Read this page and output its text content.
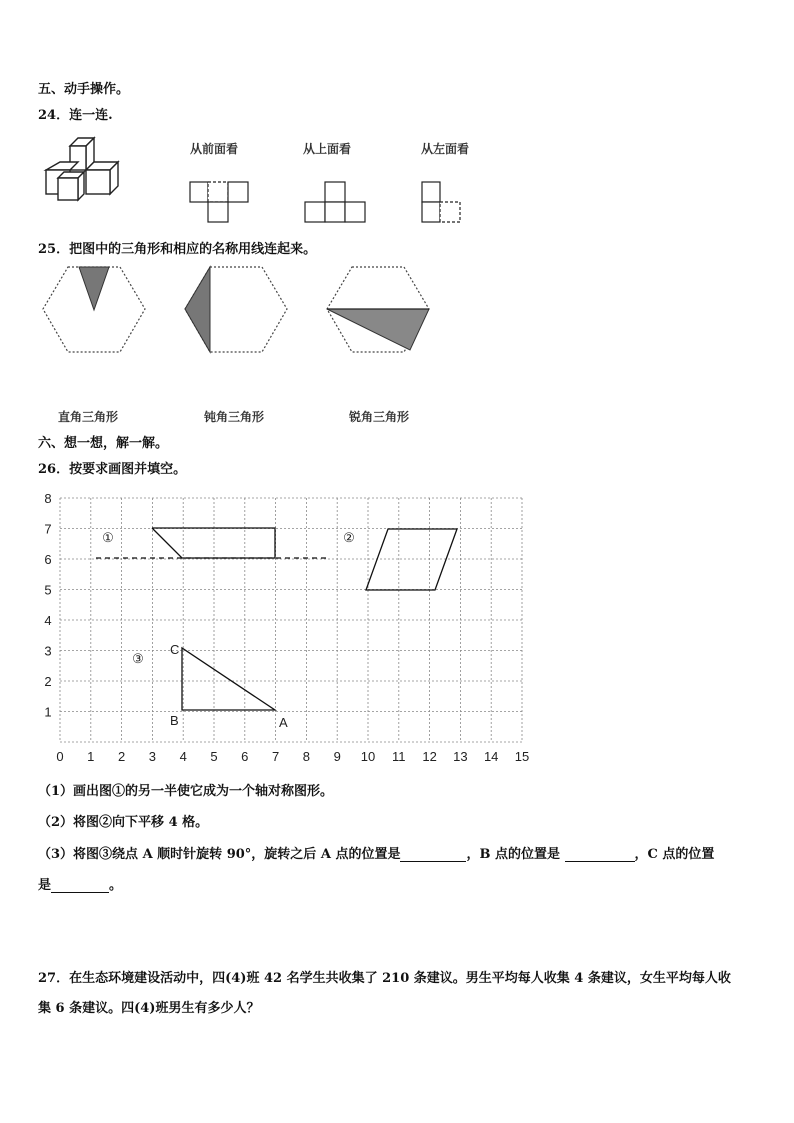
五、动手操作。
24．连一连.
从前面看	从上面看	从左面看
25．把图中的三角形和相应的名称用线连起来。
直角三角形	钝角三角形	锐角三角形
六、想一想，解一解。
26．按要求画图并填空。
0 1 2 3 4 5 6 7 8 9 10 11 12 13 14 15
1
2
3
4
5
6
7
8
①	②
③
C
B	A
（1）画出图①的另一半使它成为一个轴对称图形。
（2）将图②向下平移 4 格。
（3）将图③绕点 A 顺时针旋转 90°，旋转之后 A 点的位置是	，B 点的位置是	，C 点的位置
是	。
27．在生态环境建设活动中，四(4)班 42 名学生共收集了 210 条建议。男生平均每人收集 4 条建议，女生平均每人收
集 6 条建议。四(4)班男生有多少人？
